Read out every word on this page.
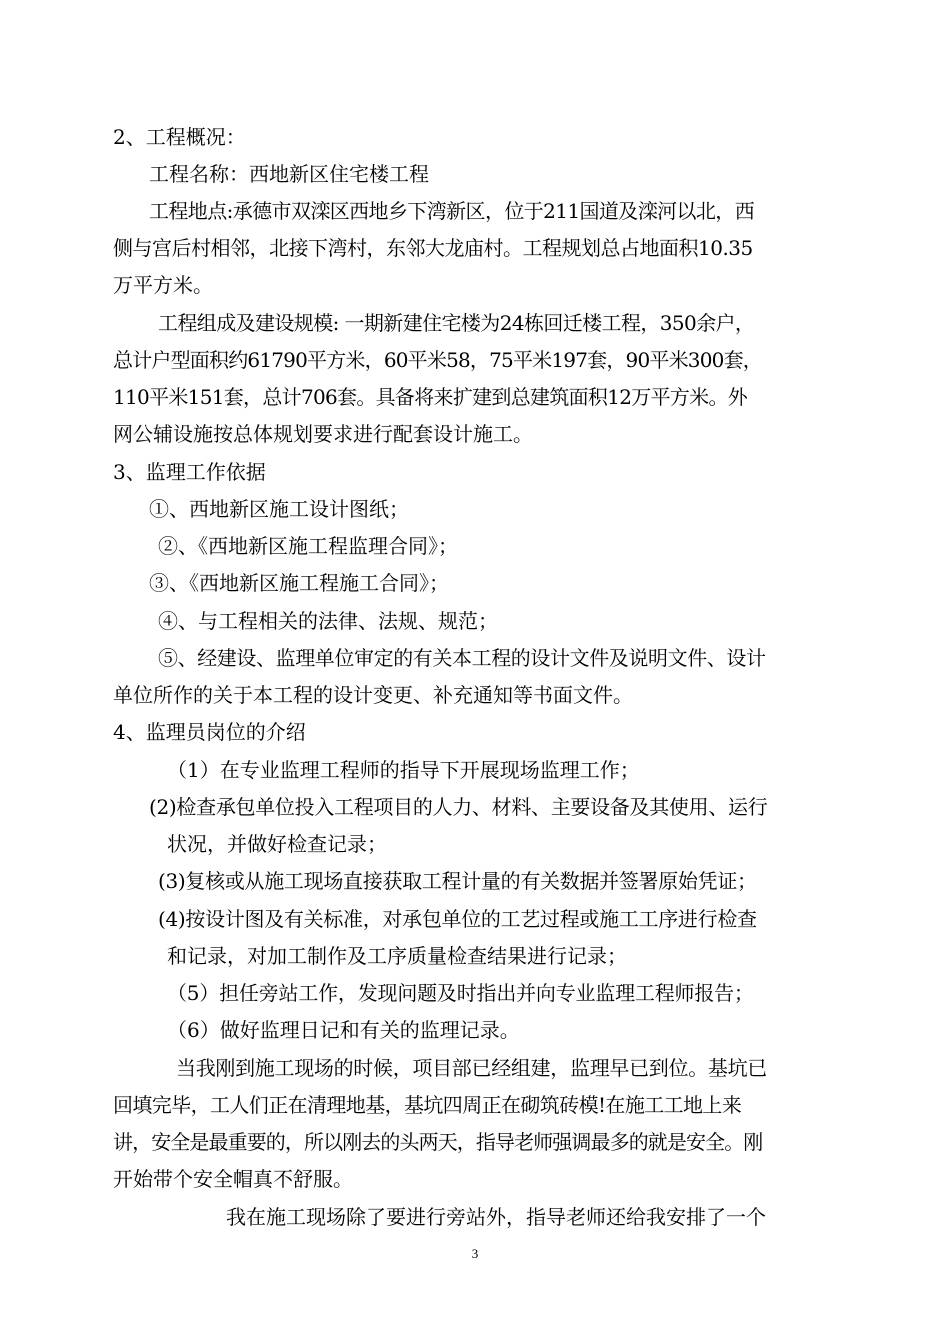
2、工程概况：
工程名称：西地新区住宅楼工程
工程地点:承德市双滦区西地乡下湾新区，位于211国道及滦河以北，西
侧与宫后村相邻，北接下湾村，东邻大龙庙村。工程规划总占地面积10.35
万平方米。
工程组成及建设规模: 一期新建住宅楼为24栋回迁楼工程，350余户，
总计户型面积约61790平方米，60平米58，75平米197套，90平米300套，
110平米151套，总计706套。具备将来扩建到总建筑面积12万平方米。外
网公辅设施按总体规划要求进行配套设计施工。
3、监理工作依据
①、西地新区施工设计图纸；
②、《西地新区施工程监理合同》；
③、《西地新区施工程施工合同》；
④、与工程相关的法律、法规、规范；
⑤、经建设、监理单位审定的有关本工程的设计文件及说明文件、设计
单位所作的关于本工程的设计变更、补充通知等书面文件。
4、监理员岗位的介绍
（1）在专业监理工程师的指导下开展现场监理工作；
(2)检查承包单位投入工程项目的人力、材料、主要设备及其使用、运行
状况，并做好检查记录；
(3)复核或从施工现场直接获取工程计量的有关数据并签署原始凭证；
(4)按设计图及有关标准，对承包单位的工艺过程或施工工序进行检查
和记录，对加工制作及工序质量检查结果进行记录；
（5）担任旁站工作，发现问题及时指出并向专业监理工程师报告；
（6）做好监理日记和有关的监理记录。
当我刚到施工现场的时候，项目部已经组建，监理早已到位。基坑已
回填完毕，工人们正在清理地基，基坑四周正在砌筑砖模!在施工工地上来
讲，安全是最重要的，所以刚去的头两天，指导老师强调最多的就是安全。刚
开始带个安全帽真不舒服。
我在施工现场除了要进行旁站外，指导老师还给我安排了一个
3
